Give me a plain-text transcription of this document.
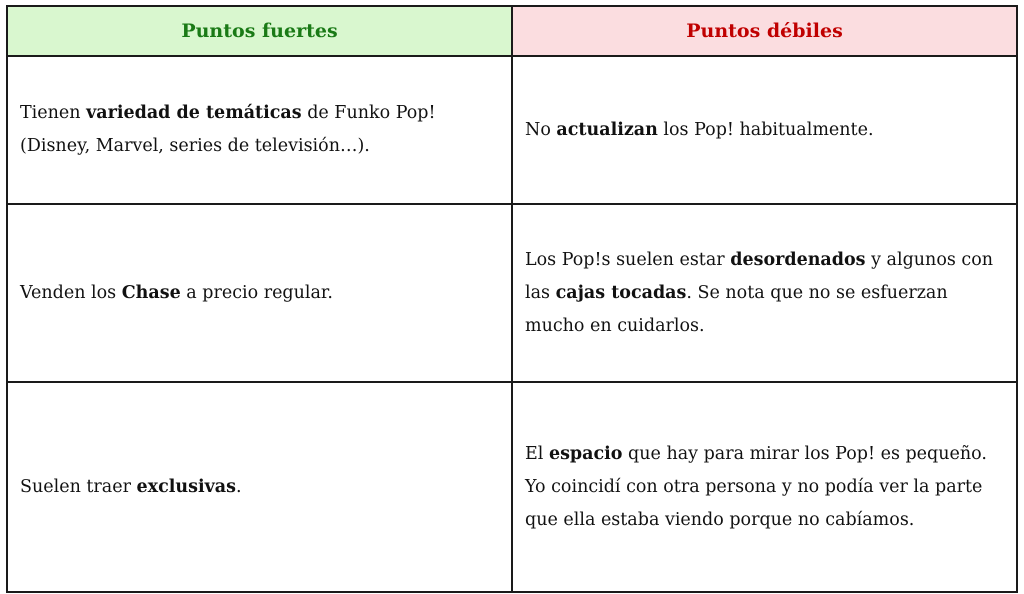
Puntos fuertes	Puntos débiles
Tienen variedad de temáticas de Funko Pop! (Disney, Marvel, series de televisión…).	No actualizan los Pop! habitualmente.
Venden los Chase a precio regular.	Los Pop!s suelen estar desordenados y algunos con las cajas tocadas. Se nota que no se esfuerzan mucho en cuidarlos.
Suelen traer exclusivas.	El espacio que hay para mirar los Pop! es pequeño. Yo coincidí con otra persona y no podía ver la parte que ella estaba viendo porque no cabíamos.
